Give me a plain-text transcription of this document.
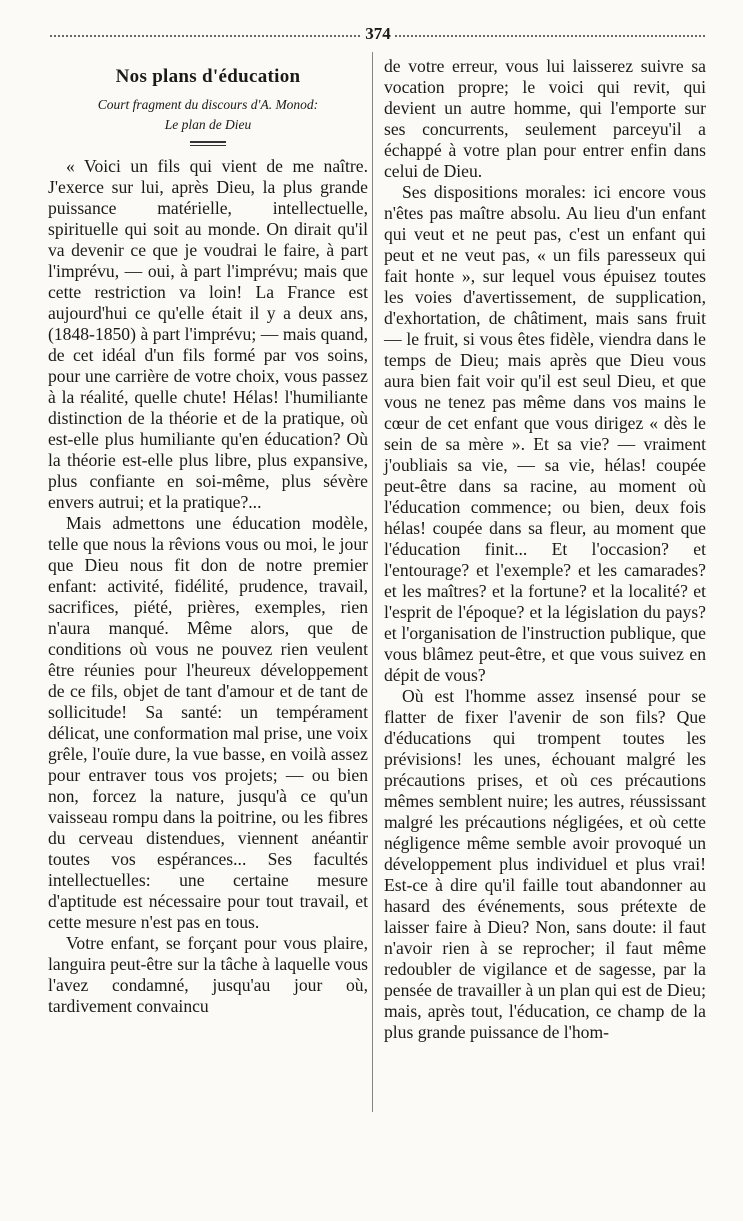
374
Nos plans d'éducation
Court fragment du discours d'A. Monod:
Le plan de Dieu

« Voici un fils qui vient de me naître. J'exerce sur lui, après Dieu, la plus grande puissance matérielle, intellectuelle, spirituelle qui soit au monde. On dirait qu'il va devenir ce que je voudrai le faire, à part l'imprévu, — oui, à part l'imprévu; mais que cette restriction va loin! La France est aujourd'hui ce qu'elle était il y a deux ans, (1848-1850) à part l'imprévu; — mais quand, de cet idéal d'un fils formé par vos soins, pour une carrière de votre choix, vous passez à la réalité, quelle chute! Hélas! l'humiliante distinction de la théorie et de la pratique, où est-elle plus humiliante qu'en éducation? Où la théorie est-elle plus libre, plus expansive, plus confiante en soi-même, plus sévère envers autrui; et la pratique?...

Mais admettons une éducation modèle, telle que nous la rêvions vous ou moi, le jour que Dieu nous fit don de notre premier enfant: activité, fidélité, prudence, travail, sacrifices, piété, prières, exemples, rien n'aura manqué. Même alors, que de conditions où vous ne pouvez rien veulent être réunies pour l'heureux développement de ce fils, objet de tant d'amour et de tant de sollicitude! Sa santé: un tempérament délicat, une conformation mal prise, une voix grêle, l'ouïe dure, la vue basse, en voilà assez pour entraver tous vos projets; — ou bien non, forcez la nature, jusqu'à ce qu'un vaisseau rompu dans la poitrine, ou les fibres du cerveau distendues, viennent anéantir toutes vos espérances... Ses facultés intellectuelles: une certaine mesure d'aptitude est nécessaire pour tout travail, et cette mesure n'est pas en tous.

Votre enfant, se forçant pour vous plaire, languira peut-être sur la tâche à laquelle vous l'avez condamné, jusqu'au jour où, tardivement convaincu

de votre erreur, vous lui laisserez suivre sa vocation propre; le voici qui revit, qui devient un autre homme, qui l'emporte sur ses concurrents, seulement parceyu'il a échappé à votre plan pour entrer enfin dans celui de Dieu.

Ses dispositions morales: ici encore vous n'êtes pas maître absolu. Au lieu d'un enfant qui veut et ne peut pas, c'est un enfant qui peut et ne veut pas, « un fils paresseux qui fait honte », sur lequel vous épuisez toutes les voies d'avertissement, de supplication, d'exhortation, de châtiment, mais sans fruit — le fruit, si vous êtes fidèle, viendra dans le temps de Dieu; mais après que Dieu vous aura bien fait voir qu'il est seul Dieu, et que vous ne tenez pas même dans vos mains le cœur de cet enfant que vous dirigez « dès le sein de sa mère ». Et sa vie? — vraiment j'oubliais sa vie, — sa vie, hélas! coupée peut-être dans sa racine, au moment où l'éducation commence; ou bien, deux fois hélas! coupée dans sa fleur, au moment que l'éducation finit... Et l'occasion? et l'entourage? et l'exemple? et les camarades? et les maîtres? et la fortune? et la localité? et l'esprit de l'époque? et la législation du pays? et l'organisation de l'instruction publique, que vous blâmez peut-être, et que vous suivez en dépit de vous?

Où est l'homme assez insensé pour se flatter de fixer l'avenir de son fils? Que d'éducations qui trompent toutes les prévisions! les unes, échouant malgré les précautions prises, et où ces précautions mêmes semblent nuire; les autres, réussissant malgré les précautions négligées, et où cette négligence même semble avoir provoqué un développement plus individuel et plus vrai! Est-ce à dire qu'il faille tout abandonner au hasard des événements, sous prétexte de laisser faire à Dieu? Non, sans doute: il faut n'avoir rien à se reprocher; il faut même redoubler de vigilance et de sagesse, par la pensée de travailler à un plan qui est de Dieu; mais, après tout, l'éducation, ce champ de la plus grande puissance de l'hom-
